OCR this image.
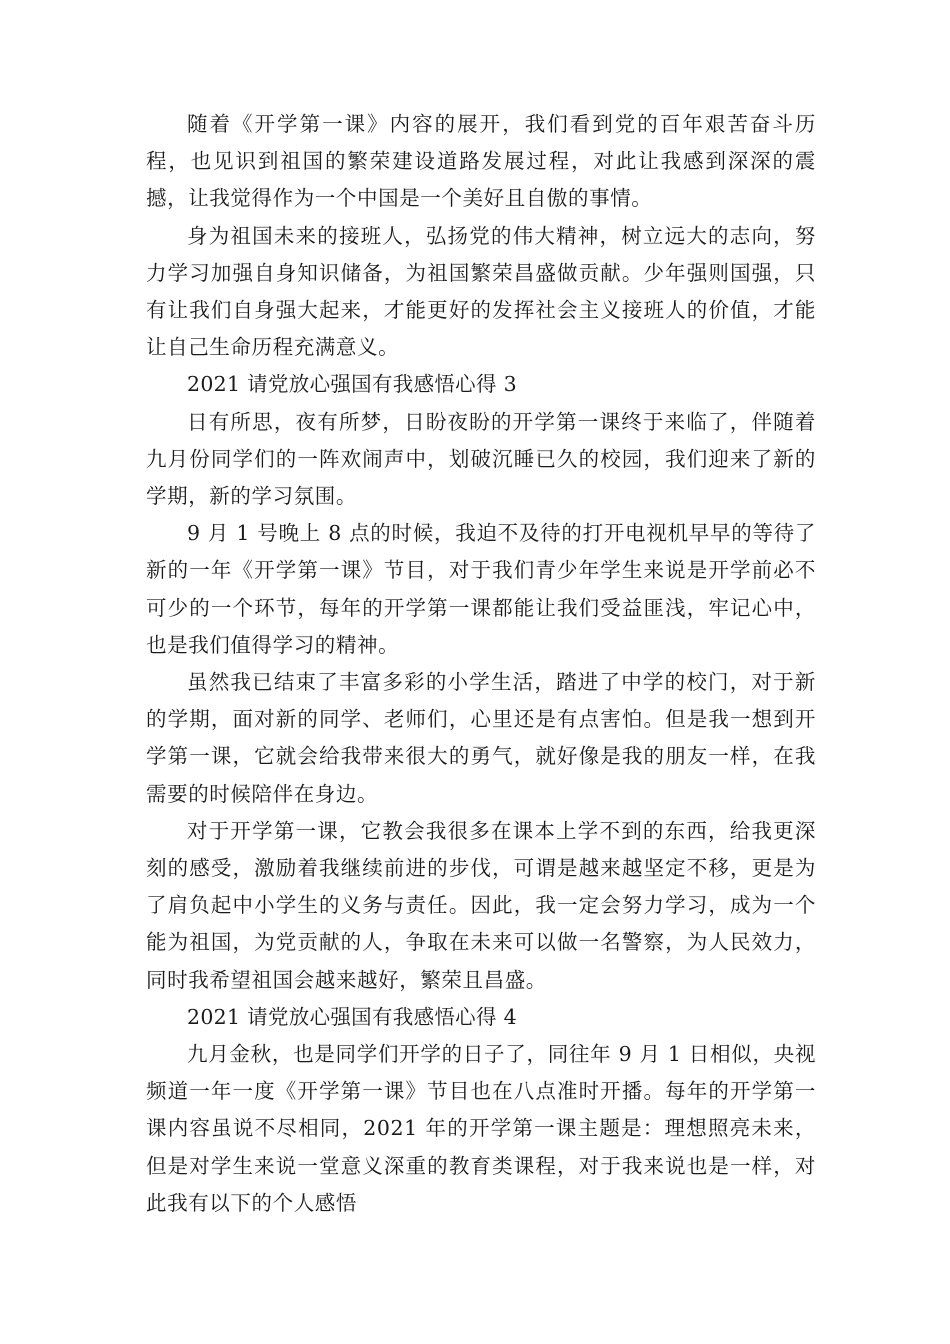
随着《开学第一课》内容的展开，我们看到党的百年艰苦奋斗历程，也见识到祖国的繁荣建设道路发展过程，对此让我感到深深的震撼，让我觉得作为一个中国是一个美好且自傲的事情。

身为祖国未来的接班人，弘扬党的伟大精神，树立远大的志向，努力学习加强自身知识储备，为祖国繁荣昌盛做贡献。少年强则国强，只有让我们自身强大起来，才能更好的发挥社会主义接班人的价值，才能让自己生命历程充满意义。

2021 请党放心强国有我感悟心得 3

日有所思，夜有所梦，日盼夜盼的开学第一课终于来临了，伴随着九月份同学们的一阵欢闹声中，划破沉睡已久的校园，我们迎来了新的学期，新的学习氛围。

9 月 1 号晚上 8 点的时候，我迫不及待的打开电视机早早的等待了新的一年《开学第一课》节目，对于我们青少年学生来说是开学前必不可少的一个环节，每年的开学第一课都能让我们受益匪浅，牢记心中，也是我们值得学习的精神。

虽然我已结束了丰富多彩的小学生活，踏进了中学的校门，对于新的学期，面对新的同学、老师们，心里还是有点害怕。但是我一想到开学第一课，它就会给我带来很大的勇气，就好像是我的朋友一样，在我需要的时候陪伴在身边。

对于开学第一课，它教会我很多在课本上学不到的东西，给我更深刻的感受，激励着我继续前进的步伐，可谓是越来越坚定不移，更是为了肩负起中小学生的义务与责任。因此，我一定会努力学习，成为一个能为祖国，为党贡献的人，争取在未来可以做一名警察，为人民效力，同时我希望祖国会越来越好，繁荣且昌盛。

2021 请党放心强国有我感悟心得 4

九月金秋，也是同学们开学的日子了，同往年 9 月 1 日相似，央视频道一年一度《开学第一课》节目也在八点准时开播。每年的开学第一课内容虽说不尽相同，2021 年的开学第一课主题是：理想照亮未来，但是对学生来说一堂意义深重的教育类课程，对于我来说也是一样，对此我有以下的个人感悟
